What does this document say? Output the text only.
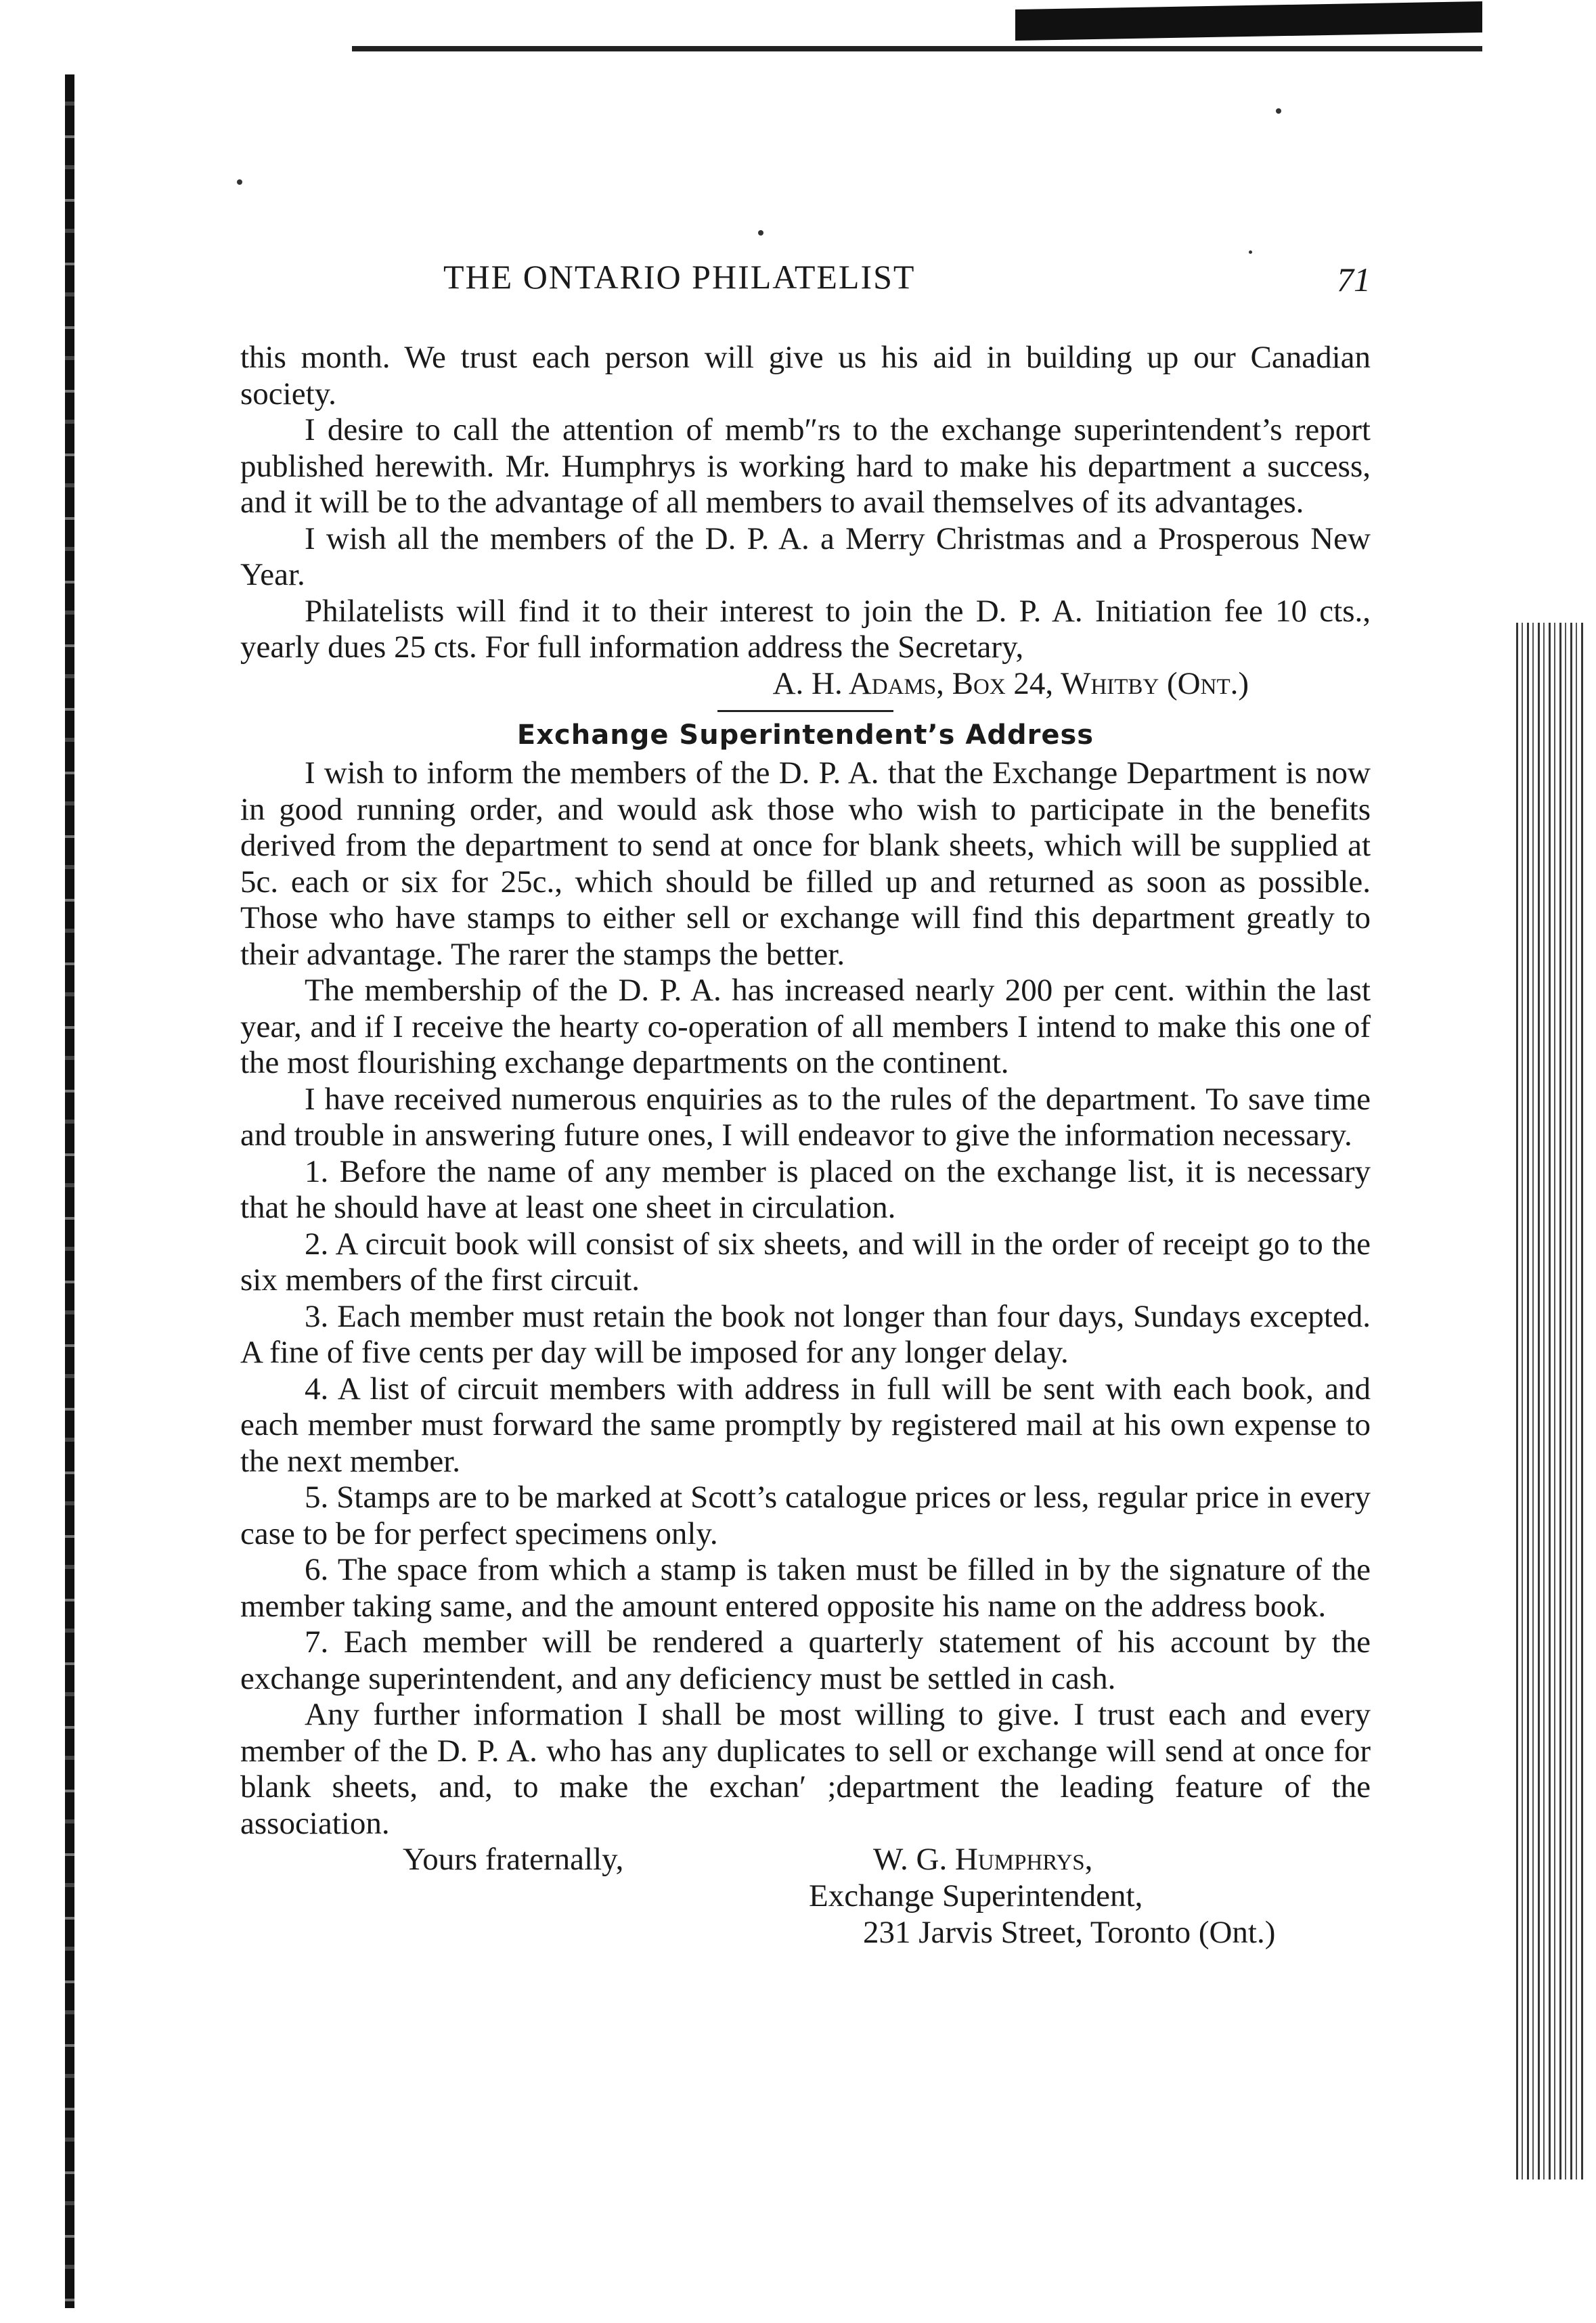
THE ONTARIO PHILATELIST	71

this month. We trust each person will give us his aid in building up our Canadian society.

I desire to call the attention of memb″rs to the exchange superintendent’s report published herewith. Mr. Humphrys is working hard to make his department a success, and it will be to the advantage of all members to avail themselves of its advantages.

I wish all the members of the D. P. A. a Merry Christmas and a Prosperous New Year.

Philatelists will find it to their interest to join the D. P. A. Initiation fee 10 cts., yearly dues 25 cts. For full information address the Secretary,

A. H. Adams, Box 24, Whitby (Ont.)

Exchange Superintendent’s Address

I wish to inform the members of the D. P. A. that the Exchange Department is now in good running order, and would ask those who wish to participate in the benefits derived from the department to send at once for blank sheets, which will be supplied at 5c. each or six for 25c., which should be filled up and returned as soon as possible. Those who have stamps to either sell or exchange will find this department greatly to their advantage. The rarer the stamps the better.

The membership of the D. P. A. has increased nearly 200 per cent. within the last year, and if I receive the hearty co-operation of all members I intend to make this one of the most flourishing exchange departments on the continent.

I have received numerous enquiries as to the rules of the department. To save time and trouble in answering future ones, I will endeavor to give the information necessary.

1. Before the name of any member is placed on the exchange list, it is necessary that he should have at least one sheet in circulation.

2. A circuit book will consist of six sheets, and will in the order of receipt go to the six members of the first circuit.

3. Each member must retain the book not longer than four days, Sundays excepted. A fine of five cents per day will be imposed for any longer delay.

4. A list of circuit members with address in full will be sent with each book, and each member must forward the same promptly by registered mail at his own expense to the next member.

5. Stamps are to be marked at Scott’s catalogue prices or less, regular price in every case to be for perfect specimens only.

6. The space from which a stamp is taken must be filled in by the signature of the member taking same, and the amount entered opposite his name on the address book.

7. Each member will be rendered a quarterly statement of his account by the exchange superintendent, and any deficiency must be settled in cash.

Any further information I shall be most willing to give. I trust each and every member of the D. P. A. who has any duplicates to sell or exchange will send at once for blank sheets, and, to make the exchan′ ;department the leading feature of the association.

Yours fraternally,	W. G. Humphrys,
Exchange Superintendent,
231 Jarvis Street, Toronto (Ont.)
